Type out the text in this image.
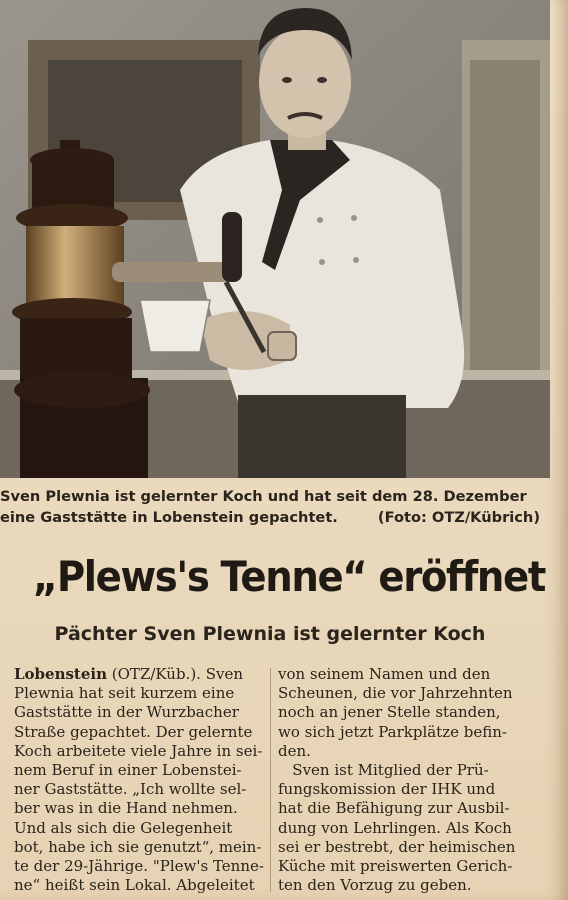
Sven Plewnia ist gelernter Koch und hat seit dem 28. Dezember
eine Gaststätte in Lobenstein gepachtet.	(Foto: OTZ/Kübrich)
„Plews's Tenne“ eröffnet
Pächter Sven Plewnia ist gelernter Koch
Lobenstein (OTZ/Küb.). Sven
Plewnia hat seit kurzem eine
Gaststätte in der Wurzbacher
Straße gepachtet. Der gelernte
Koch arbeitete viele Jahre in sei-
nem Beruf in einer Lobenstei-
ner Gaststätte. „Ich wollte sel-
ber was in die Hand nehmen.
Und als sich die Gelegenheit
bot, habe ich sie genutzt“, mein-
te der 29-Jährige. "Plew's Tenne-
ne“ heißt sein Lokal. Abgeleitet
von seinem Namen und den
Scheunen, die vor Jahrzehnten
noch an jener Stelle standen,
wo sich jetzt Parkplätze befin-
den.
Sven ist Mitglied der Prü-
fungskomission der IHK und
hat die Befähigung zur Ausbil-
dung von Lehrlingen. Als Koch
sei er bestrebt, der heimischen
Küche mit preiswerten Gerich-
ten den Vorzug zu geben.
